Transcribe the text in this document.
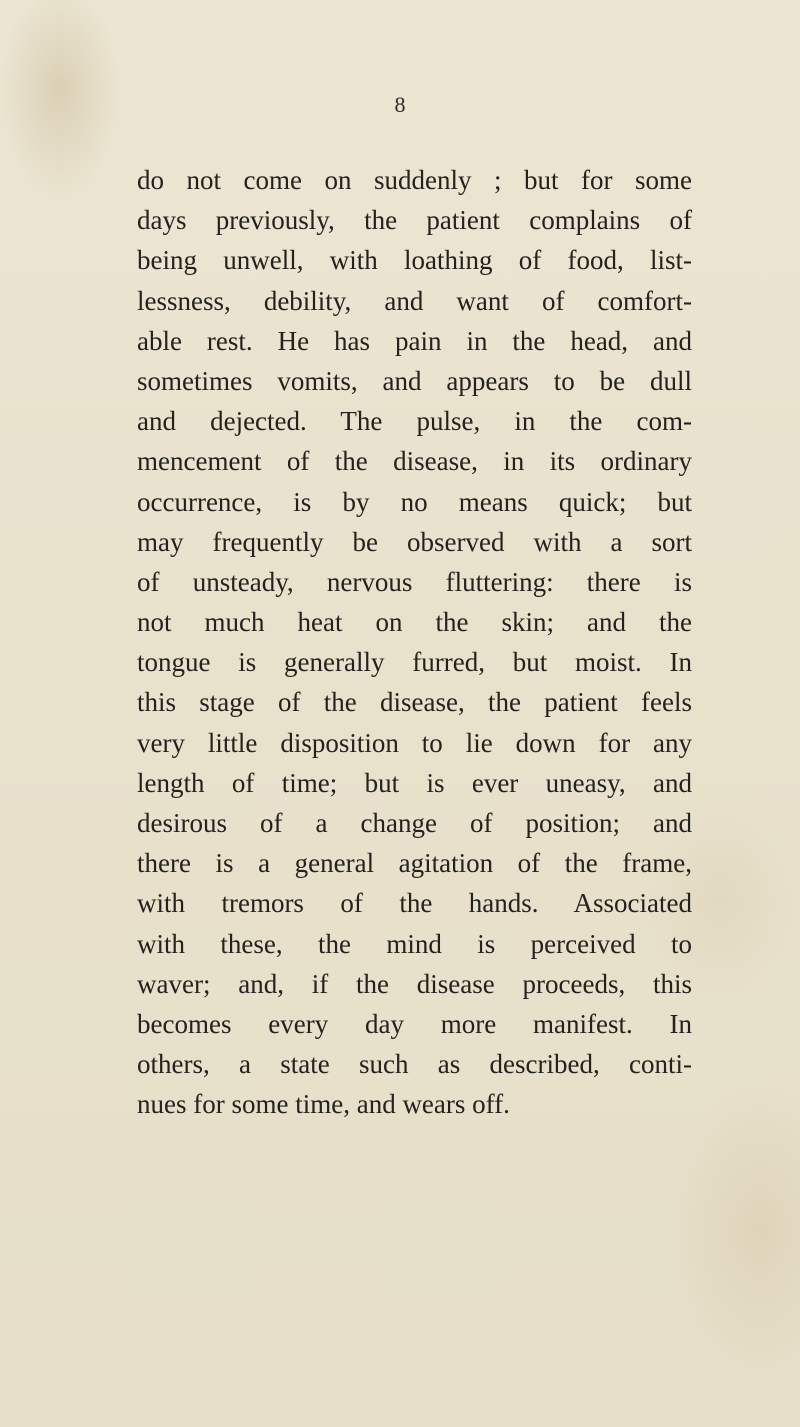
8

do not come on suddenly ; but for some
days previously, the patient complains of
being unwell, with loathing of food, list-
lessness, debility, and want of comfort-
able rest. He has pain in the head, and
sometimes vomits, and appears to be dull
and dejected. The pulse, in the com-
mencement of the disease, in its ordinary
occurrence, is by no means quick; but
may frequently be observed with a sort
of unsteady, nervous fluttering: there is
not much heat on the skin; and the
tongue is generally furred, but moist. In
this stage of the disease, the patient feels
very little disposition to lie down for any
length of time; but is ever uneasy, and
desirous of a change of position; and
there is a general agitation of the frame,
with tremors of the hands. Associated
with these, the mind is perceived to
waver; and, if the disease proceeds, this
becomes every day more manifest. In
others, a state such as described, conti-
nues for some time, and wears off.
